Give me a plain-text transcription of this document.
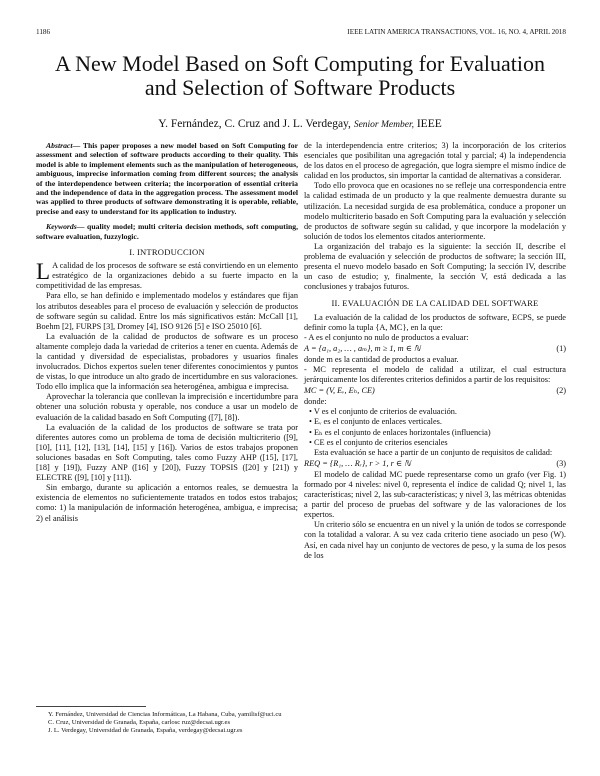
1186	IEEE LATIN AMERICA TRANSACTIONS, VOL. 16, NO. 4, APRIL 2018
A New Model Based on Soft Computing for Evaluation and Selection of Software Products
Y. Fernández, C. Cruz and J. L. Verdegay, Senior Member, IEEE

Abstract— This paper proposes a new model based on Soft Computing for assessment and selection of software products according to their quality. This model is able to implement elements such as the manipulation of heterogeneous, ambiguous, imprecise information coming from different sources; the analysis of the interdependence between criteria; the incorporation of essential criteria and the independence of data in the aggregation process. The assessment model was applied to three products of software demonstrating it is operable, reliable, precise and easy to understand for its application to industry.

Keywords— quality model; multi criteria decision methods, soft computing, software evaluation, fuzzylogic.

I. INTRODUCCION

L A calidad de los procesos de software se está convirtiendo en un elemento estratégico de la organizaciones debido a su fuerte impacto en la competitividad de las empresas.

Para ello, se han definido e implementado modelos y estándares que fijan los atributos deseables para el proceso de evaluación y selección de productos de software según su calidad. Entre los más significativos están: McCall [1], Boehm [2], FURPS [3], Dromey [4], ISO 9126 [5] e ISO 25010 [6].

La evaluación de la calidad de productos de software es un proceso altamente complejo dada la variedad de criterios a tener en cuenta. Además de la cantidad y diversidad de especialistas, probadores y usuarios finales involucrados. Dichos expertos suelen tener diferentes conocimientos y puntos de vistas, lo que introduce un alto grado de incertidumbre en sus valoraciones. Todo ello implica que la información sea heterogénea, ambigua e imprecisa.

Aprovechar la tolerancia que conllevan la imprecisión e incertidumbre para obtener una solución robusta y operable, nos conduce a usar un modelo de evaluación de la calidad basado en Soft Computing ([7], [8]).

La evaluación de la calidad de los productos de software se trata por diferentes autores como un problema de toma de decisión multicriterio ([9], [10], [11], [12], [13], [14], [15] y [16]). Varios de estos trabajos proponen soluciones basadas en Soft Computing, tales como Fuzzy AHP ([15], [17], [18] y [19]), Fuzzy ANP ([16] y [20]), Fuzzy TOPSIS ([20] y [21]) y ELECTRE ([9], [10] y [11]).

Sin embargo, durante su aplicación a entornos reales, se demuestra la existencia de elementos no suficientemente tratados en todos estos trabajos; como: 1) la manipulación de información heterogénea, ambigua, e imprecisa; 2) el análisis

de la interdependencia entre criterios; 3) la incorporación de los criterios esenciales que posibilitan una agregación total y parcial; 4) la independencia de los datos en el proceso de agregación, que logra siempre el mismo índice de calidad en los productos, sin importar la cantidad de alternativas a considerar.

Todo ello provoca que en ocasiones no se refleje una correspondencia entre la calidad estimada de un producto y la que realmente demuestra durante su utilización. La necesidad surgida de esa problemática, conduce a proponer un modelo multicriterio basado en Soft Computing para la evaluación y selección de productos de software según su calidad, y que incorpore la modelación y solución de todos los elementos citados anteriormente.

La organización del trabajo es la siguiente: la sección II, describe el problema de evaluación y selección de productos de software; la sección III, presenta el nuevo modelo basado en Soft Computing; la sección IV, describe un caso de estudio; y, finalmente, la sección V, está dedicada a las conclusiones y trabajos futuros.

II. EVALUACIÓN DE LA CALIDAD DEL SOFTWARE

La evaluación de la calidad de los productos de software, ECPS, se puede definir como la tupla {A, MC}, en la que:

- A es el conjunto no nulo de productos a evaluar:

A = {a₁, a₂, … , aₘ}, m ≥ 1, m ∈ ℕ	(1)

donde m es la cantidad de productos a evaluar.

- MC representa el modelo de calidad a utilizar, el cual estructura jerárquicamente los diferentes criterios definidos a partir de los requisitos:

MC = (V, Eᵥ, Eₕ, CE)	(2)

donde:

• V es el conjunto de criterios de evaluación.

• Eᵥ es el conjunto de enlaces verticales.

• Eₕ es el conjunto de enlaces horizontales (influencia)

• CE es el conjunto de criterios esenciales

Esta evaluación se hace a partir de un conjunto de requisitos de calidad:

REQ = {R₁, … Rᵣ}, r > 1, r ∈ ℕ	(3)

El modelo de calidad MC puede representarse como un grafo (ver Fig. 1) formado por 4 niveles: nivel 0, representa el índice de calidad Q; nivel 1, las características; nivel 2, las sub-características; y nivel 3, las métricas obtenidas a partir del proceso de pruebas del software y de las valoraciones de los expertos.

Un criterio sólo se encuentra en un nivel y la unión de todos se corresponde con la totalidad a valorar. A su vez cada criterio tiene asociado un peso (W). Así, en cada nivel hay un conjunto de vectores de peso, y la suma de los pesos de los

Y. Fernández, Universidad de Ciencias Informáticas, La Habana, Cuba, yamilisf@uci.cu
C. Cruz, Universidad de Granada, España, carlosc ruz@decsai.ugr.es
J. L. Verdegay, Universidad de Granada, España, verdegay@decsai.ugr.es
